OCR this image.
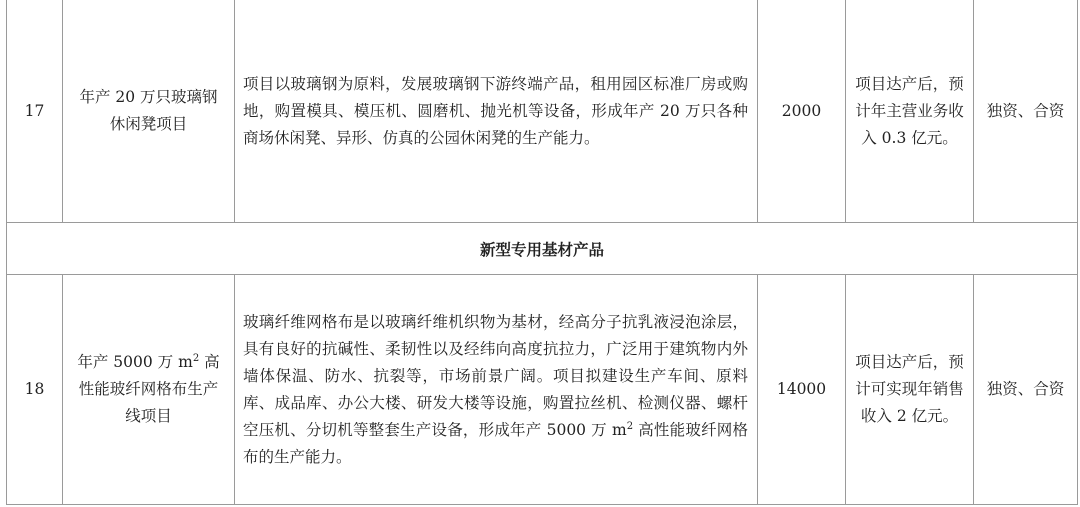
17
年产 20 万只玻璃钢休闲凳项目
项目以玻璃钢为原料，发展玻璃钢下游终端产品，租用园区标准厂房或购地，购置模具、模压机、圆磨机、抛光机等设备，形成年产 20 万只各种商场休闲凳、异形、仿真的公园休闲凳的生产能力。
2000
项目达产后，预计年主营业务收入 0.3 亿元。
独资、合资
新型专用基材产品
18
年产 5000 万 $m^2$ 高性能玻纤网格布生产线项目
玻璃纤维网格布是以玻璃纤维机织物为基材，经高分子抗乳液浸泡涂层，具有良好的抗碱性、柔韧性以及经纬向高度抗拉力，广泛用于建筑物内外墙体保温、防水、抗裂等，市场前景广阔。项目拟建设生产车间、原料库、成品库、办公大楼、研发大楼等设施，购置拉丝机、检测仪器、螺杆空压机、分切机等整套生产设备，形成年产 5000 万 $m^2$ 高性能玻纤网格布的生产能力。
14000
项目达产后，预计可实现年销售收入 2 亿元。
独资、合资
